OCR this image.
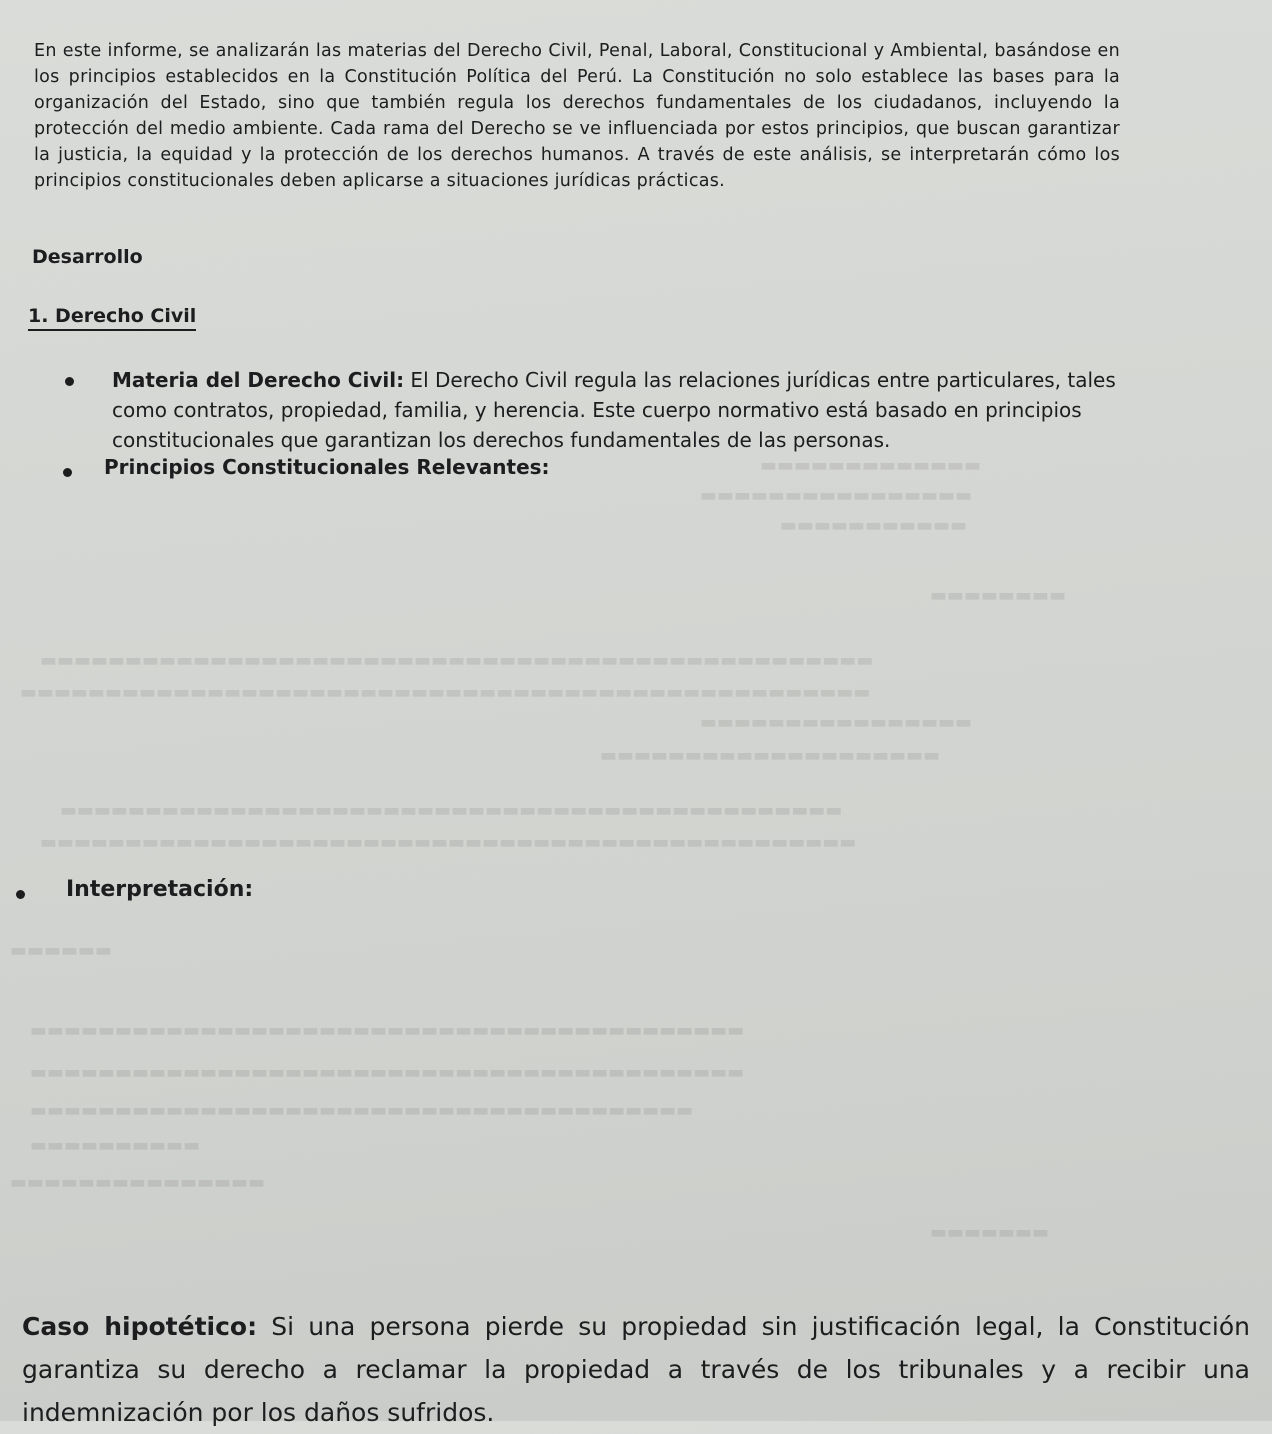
▬▬▬▬▬▬▬▬▬▬▬▬▬
▬▬▬▬▬▬▬▬▬▬▬▬▬▬▬▬
▬▬▬▬▬▬▬▬▬▬▬
▬▬▬▬▬▬▬▬
▬▬▬▬▬▬▬▬▬▬▬▬▬▬▬▬▬▬▬▬▬▬▬▬▬▬▬▬▬▬▬▬▬▬▬▬▬▬▬▬▬▬▬▬▬▬▬▬▬
▬▬▬▬▬▬▬▬▬▬▬▬▬▬▬▬▬▬▬▬▬▬▬▬▬▬▬▬▬▬▬▬▬▬▬▬▬▬▬▬▬▬▬▬▬▬▬▬▬▬
▬▬▬▬▬▬▬▬▬▬▬▬▬▬▬▬
▬▬▬▬▬▬▬▬▬▬▬▬▬▬▬▬▬▬▬▬
▬▬▬▬▬▬▬▬▬▬▬▬▬▬▬▬▬▬▬▬▬▬▬▬▬▬▬▬▬▬▬▬▬▬▬▬▬▬▬▬▬▬▬▬▬▬
▬▬▬▬▬▬▬▬▬▬▬▬▬▬▬▬▬▬▬▬▬▬▬▬▬▬▬▬▬▬▬▬▬▬▬▬▬▬▬▬▬▬▬▬▬▬▬▬
▬▬▬▬▬▬
▬▬▬▬▬▬▬▬▬▬▬▬▬▬▬▬▬▬▬▬▬▬▬▬▬▬▬▬▬▬▬▬▬▬▬▬▬▬▬▬▬▬
▬▬▬▬▬▬▬▬▬▬▬▬▬▬▬▬▬▬▬▬▬▬▬▬▬▬▬▬▬▬▬▬▬▬▬▬▬▬▬▬▬▬
▬▬▬▬▬▬▬▬▬▬▬▬▬▬▬▬▬▬▬▬▬▬▬▬▬▬▬▬▬▬▬▬▬▬▬▬▬▬▬
▬▬▬▬▬▬▬▬▬▬
▬▬▬▬▬▬▬▬▬▬▬▬▬▬▬
▬▬▬▬▬▬▬

En este informe, se analizarán las materias del Derecho Civil, Penal, Laboral, Constitucional y Ambiental, basándose en los principios establecidos en la Constitución Política del Perú. La Constitución no solo establece las bases para la organización del Estado, sino que también regula los derechos fundamentales de los ciudadanos, incluyendo la protección del medio ambiente. Cada rama del Derecho se ve influenciada por estos principios, que buscan garantizar la justicia, la equidad y la protección de los derechos humanos. A través de este análisis, se interpretarán cómo los principios constitucionales deben aplicarse a situaciones jurídicas prácticas.

Desarrollo
1. Derecho Civil
Materia del Derecho Civil: El Derecho Civil regula las relaciones jurídicas entre particulares, tales como contratos, propiedad, familia, y herencia. Este cuerpo normativo está basado en principios constitucionales que garantizan los derechos fundamentales de las personas.
Principios Constitucionales Relevantes:
Interpretación:

Caso hipotético: Si una persona pierde su propiedad sin justificación legal, la Constitución garantiza su derecho a reclamar la propiedad a través de los tribunales y a recibir una indemnización por los daños sufridos.
